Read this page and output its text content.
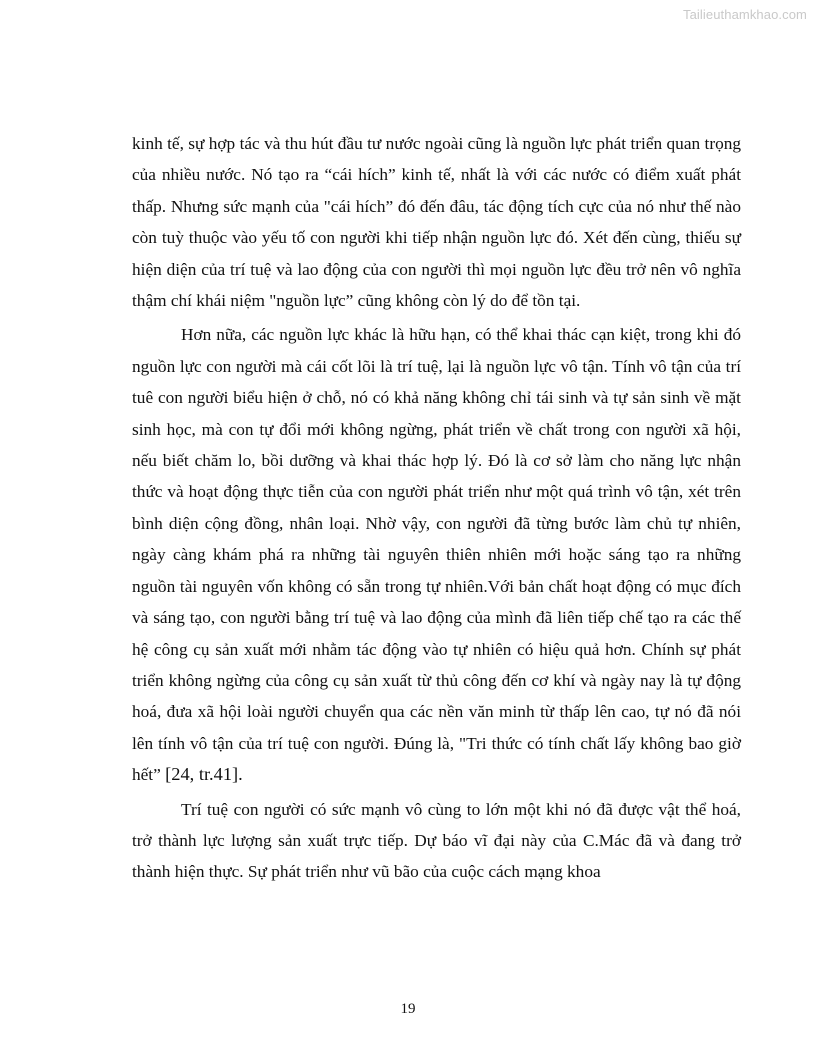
Tailieuthamkhao.com

kinh tế, sự hợp tác và thu hút đầu tư nước ngoài cũng là nguồn lực phát triển quan trọng của nhiều nước. Nó tạo ra “cái hích” kinh tế, nhất là với các nước có điểm xuất phát thấp. Nhưng sức mạnh của "cái hích” đó đến đâu, tác động tích cực của nó như thế nào còn tuỳ thuộc vào yếu tố con người khi tiếp nhận nguồn lực đó. Xét đến cùng, thiếu sự hiện diện của trí tuệ và lao động của con người thì mọi nguồn lực đều trở nên vô nghĩa thậm chí khái niệm "nguồn lực” cũng không còn lý do để tồn tại.

Hơn nữa, các nguồn lực khác là hữu hạn, có thể khai thác cạn kiệt, trong khi đó nguồn lực con người mà cái cốt lõi là trí tuệ, lại là nguồn lực vô tận. Tính vô tận của trí tuê con người biểu hiện ở chỗ, nó có khả năng không chỉ tái sinh và tự sản sinh về mặt sinh học, mà con tự đổi mới không ngừng, phát triển về chất trong con người xã hội, nếu biết chăm lo, bồi dưỡng và khai thác hợp lý. Đó là cơ sở làm cho năng lực nhận thức và hoạt động thực tiễn của con người phát triển như một quá trình vô tận, xét trên bình diện cộng đồng, nhân loại. Nhờ vậy, con người đã từng bước làm chủ tự nhiên, ngày càng khám phá ra những tài nguyên thiên nhiên mới hoặc sáng tạo ra những nguồn tài nguyên vốn không có sẵn trong tự nhiên.Với bản chất hoạt động có mục đích và sáng tạo, con người bằng trí tuệ và lao động của mình đã liên tiếp chế tạo ra các thế hệ công cụ sản xuất mới nhằm tác động vào tự nhiên có hiệu quả hơn. Chính sự phát triển không ngừng của công cụ sản xuất từ thủ công đến cơ khí và ngày nay là tự động hoá, đưa xã hội loài người chuyển qua các nền văn minh từ thấp lên cao, tự nó đã nói lên tính vô tận của trí tuệ con người. Đúng là, "Tri thức có tính chất lấy không bao giờ hết” [24, tr.41].

Trí tuệ con người có sức mạnh vô cùng to lớn một khi nó đã được vật thể hoá, trở thành lực lượng sản xuất trực tiếp. Dự báo vĩ đại này của C.Mác đã và đang trở thành hiện thực. Sự phát triển như vũ bão của cuộc cách mạng khoa

19
